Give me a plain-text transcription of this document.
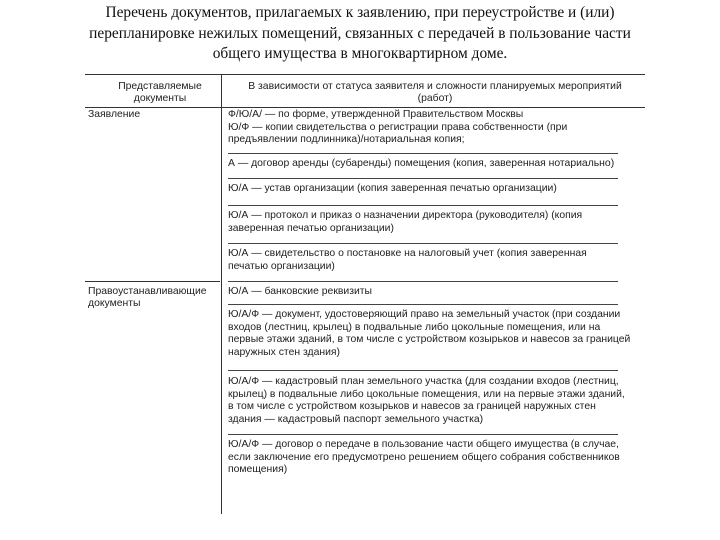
Перечень документов, прилагаемых к заявлению, при переустройстве и (или)
перепланировке нежилых помещений, связанных с передачей в пользование части
общего имущества в многоквартирном доме.
Представляемые
документы
В зависимости от статуса заявителя и сложности планируемых мероприятий
(работ)
Заявление
Правоустанавливающие
документы
Ф/Ю/А/ — по форме, утвержденной Правительством Москвы
Ю/Ф — копии свидетельства о регистрации права собственности (при
предъявлении подлинника)/нотариальная копия;
А — договор аренды (субаренды) помещения (копия, заверенная нотариально)
Ю/А — устав организации (копия заверенная печатью организации)
Ю/А — протокол и приказ о назначении директора (руководителя) (копия
заверенная печатью организации)
Ю/А — свидетельство о постановке на налоговый учет (копия заверенная
печатью организации)
Ю/А — банковские реквизиты
Ю/А/Ф — документ, удостоверяющий право на земельный участок (при создании
входов (лестниц, крылец) в подвальные либо цокольные помещения, или на
первые этажи зданий, в том числе с устройством козырьков и навесов за границей
наружных стен здания)
Ю/А/Ф — кадастровый план земельного участка (для создании входов (лестниц,
крылец) в подвальные либо цокольные помещения, или на первые этажи зданий,
в том числе с устройством козырьков и навесов за границей наружных стен
здания — кадастровый паспорт земельного участка)
Ю/А/Ф — договор о передаче в пользование части общего имущества (в случае,
если заключение его предусмотрено решением общего собрания собственников
помещения)
